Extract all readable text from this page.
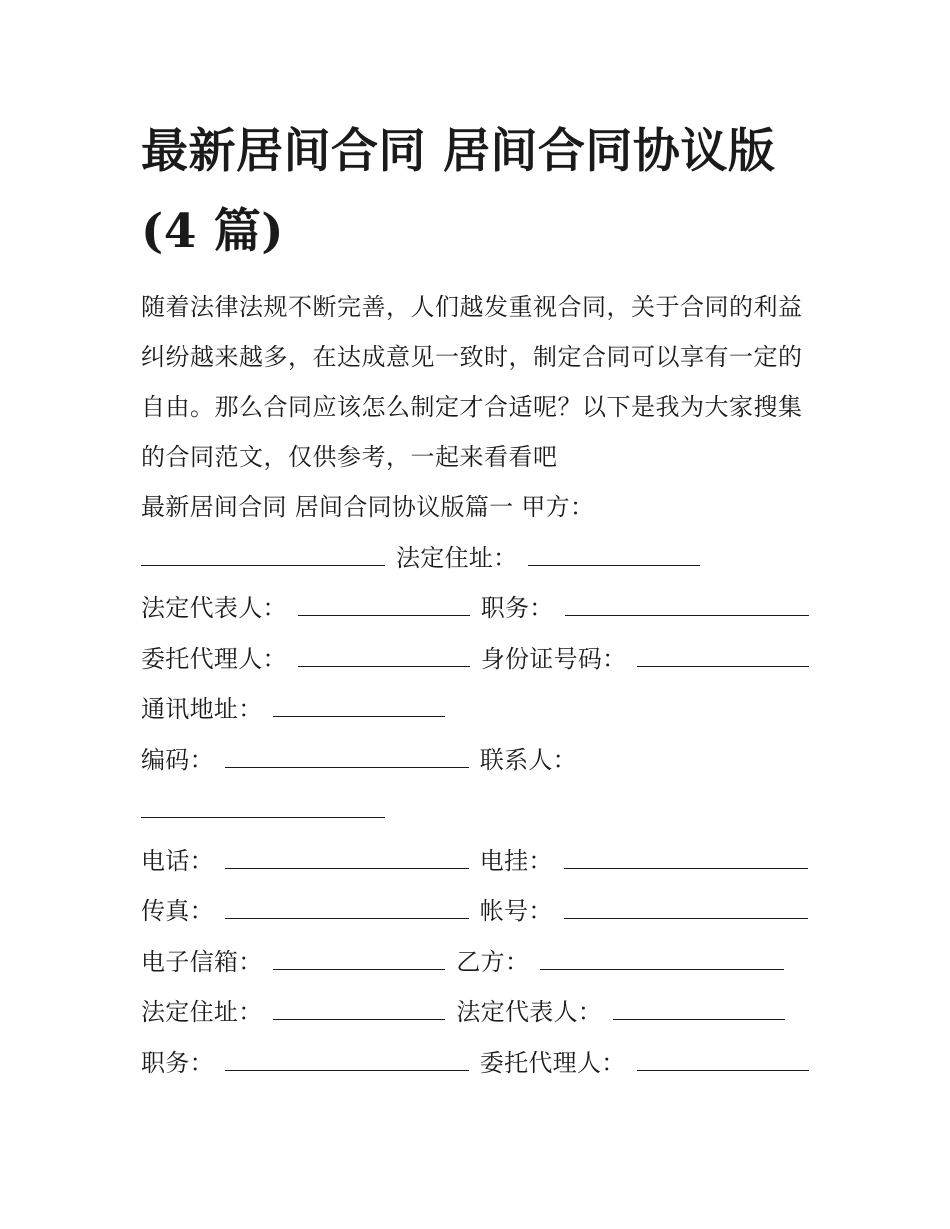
最新居间合同 居间合同协议版(4 篇)
随着法律法规不断完善，人们越发重视合同，关于合同的利益纠纷越来越多，在达成意见一致时，制定合同可以享有一定的自由。那么合同应该怎么制定才合适呢？以下是我为大家搜集的合同范文，仅供参考，一起来看看吧
最新居间合同 居间合同协议版篇一 甲方：
法定住址：
法定代表人：	职务：
委托代理人：	身份证号码：
通讯地址：
编码：	联系人：
电话：	电挂：
传真：	帐号：
电子信箱：	乙方：
法定住址：	法定代表人：
职务：	委托代理人：
